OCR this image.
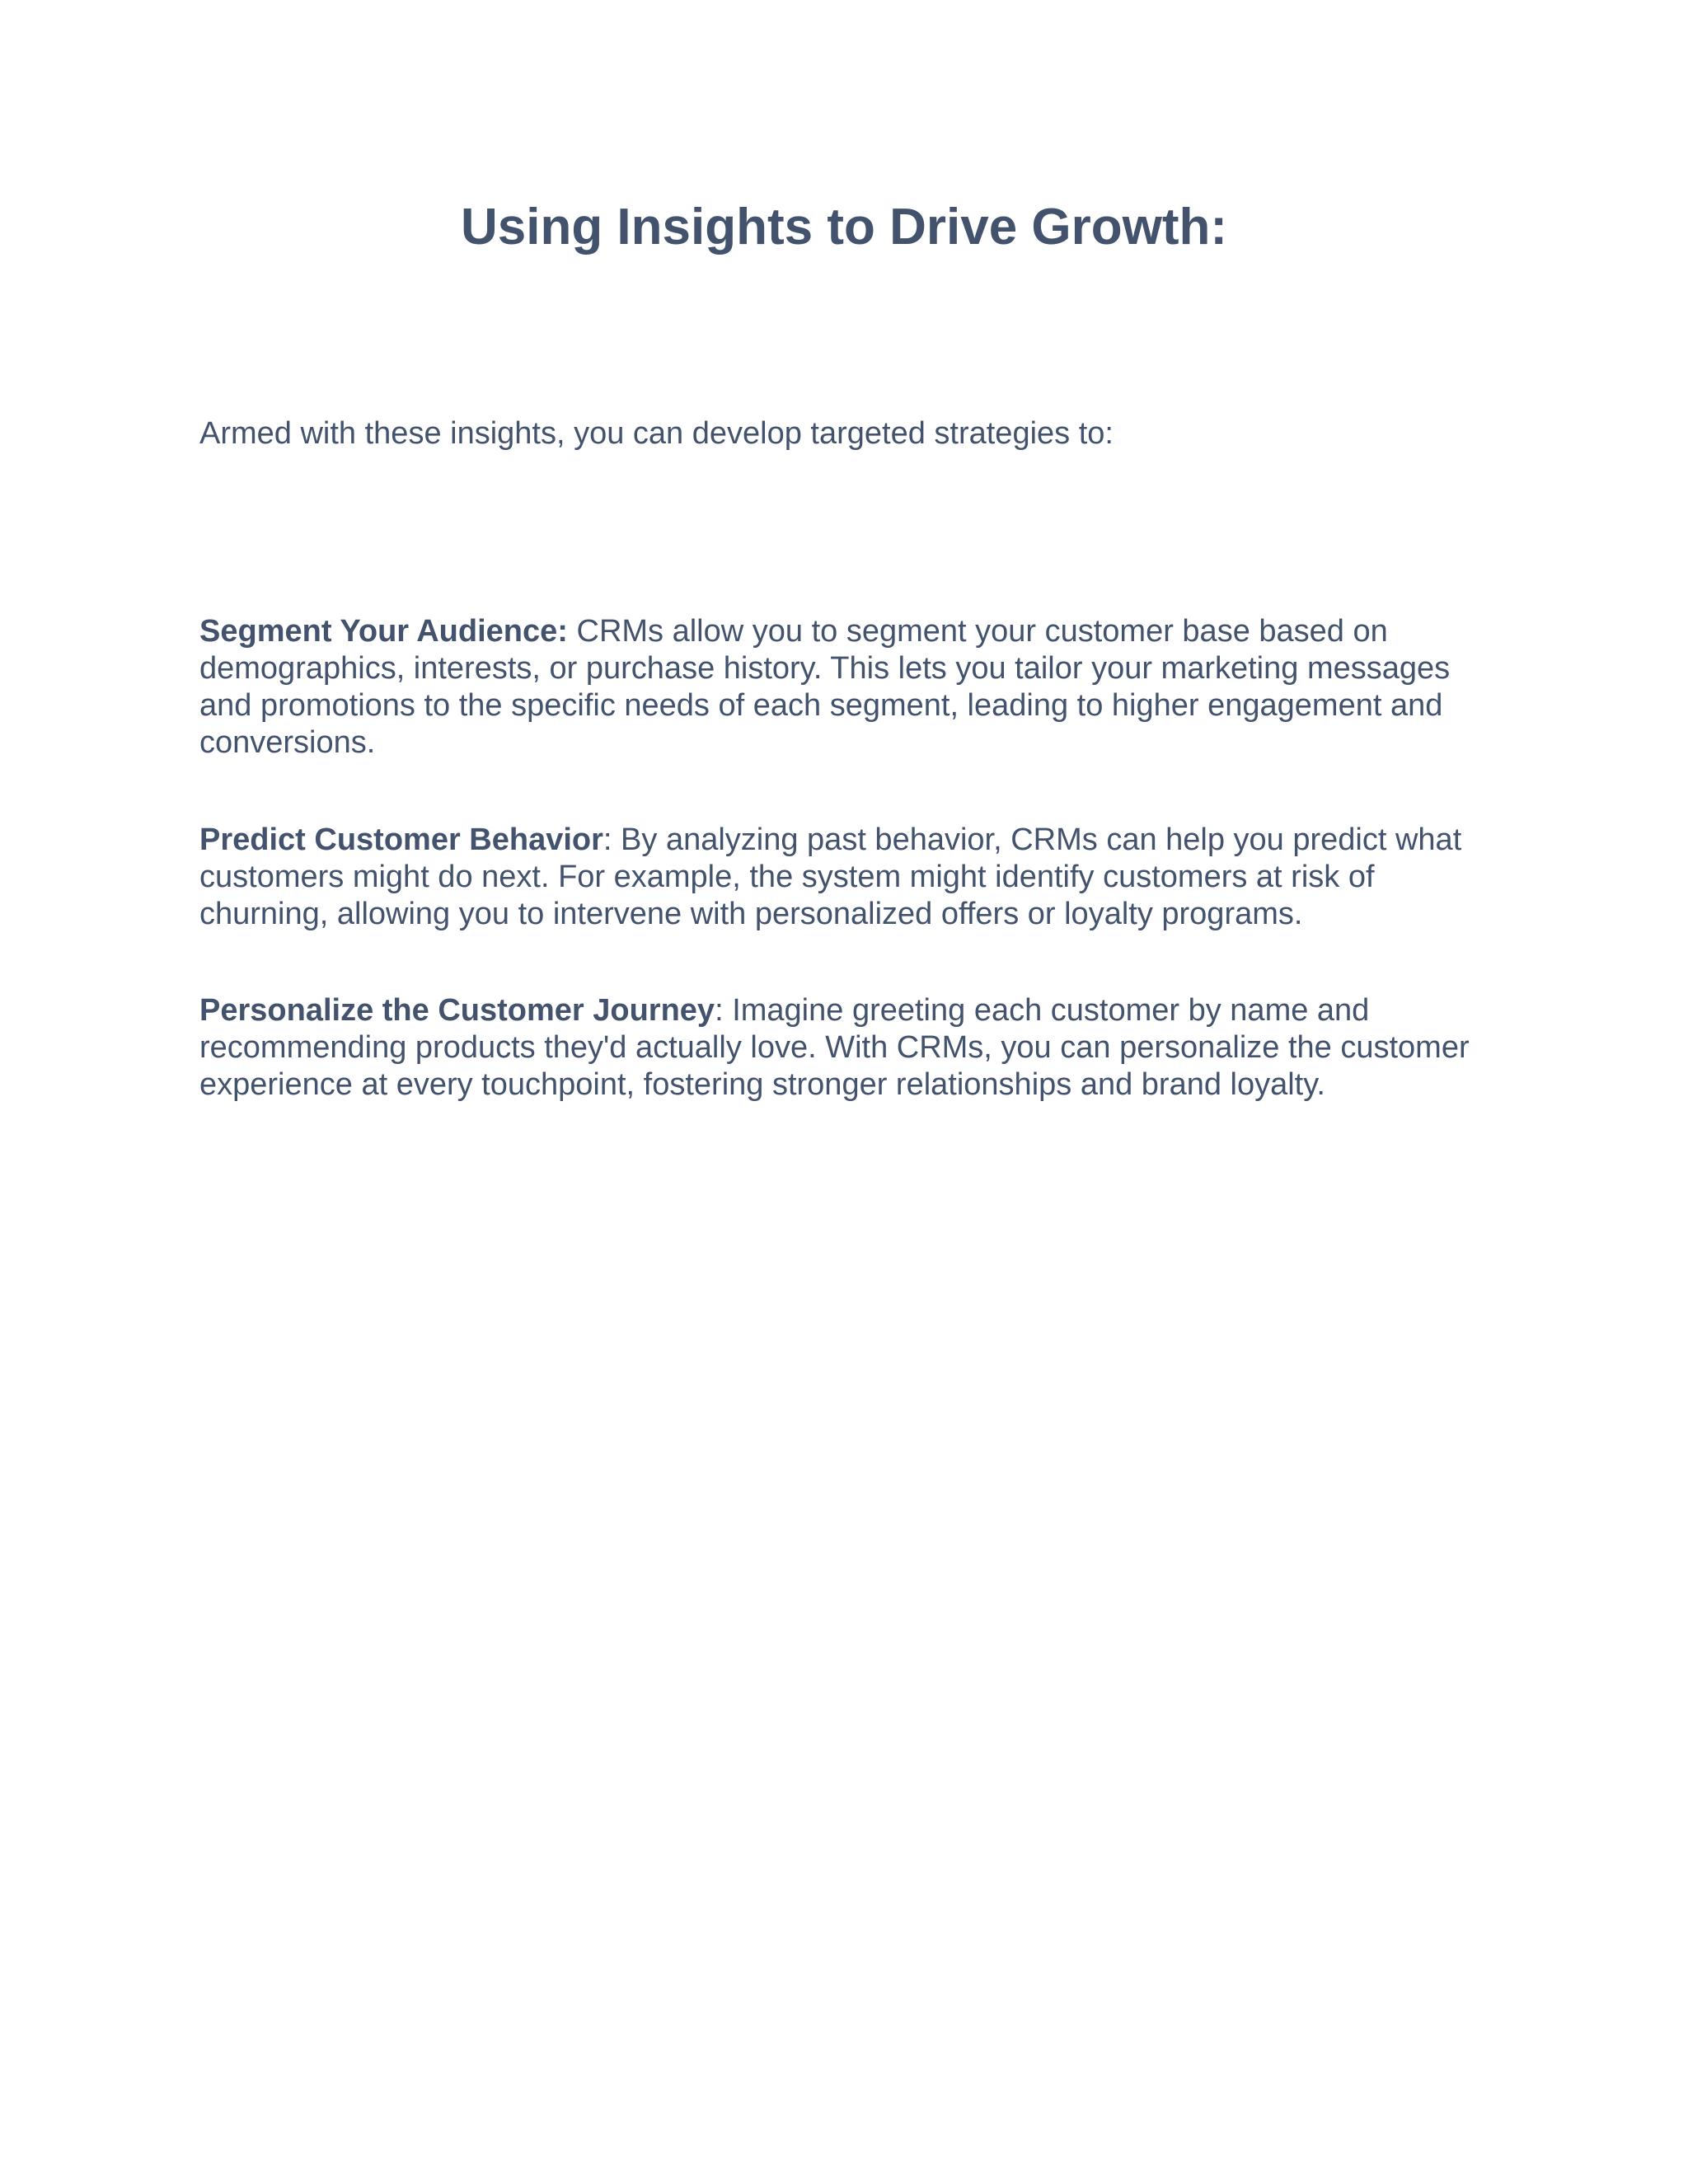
Using Insights to Drive Growth:

Armed with these insights, you can develop targeted strategies to:

Segment Your Audience: CRMs allow you to segment your customer base based on
demographics, interests, or purchase history. This lets you tailor your marketing messages
and promotions to the specific needs of each segment, leading to higher engagement and
conversions.
Predict Customer Behavior: By analyzing past behavior, CRMs can help you predict what
customers might do next. For example, the system might identify customers at risk of
churning, allowing you to intervene with personalized offers or loyalty programs.
Personalize the Customer Journey: Imagine greeting each customer by name and
recommending products they'd actually love. With CRMs, you can personalize the customer
experience at every touchpoint, fostering stronger relationships and brand loyalty.
